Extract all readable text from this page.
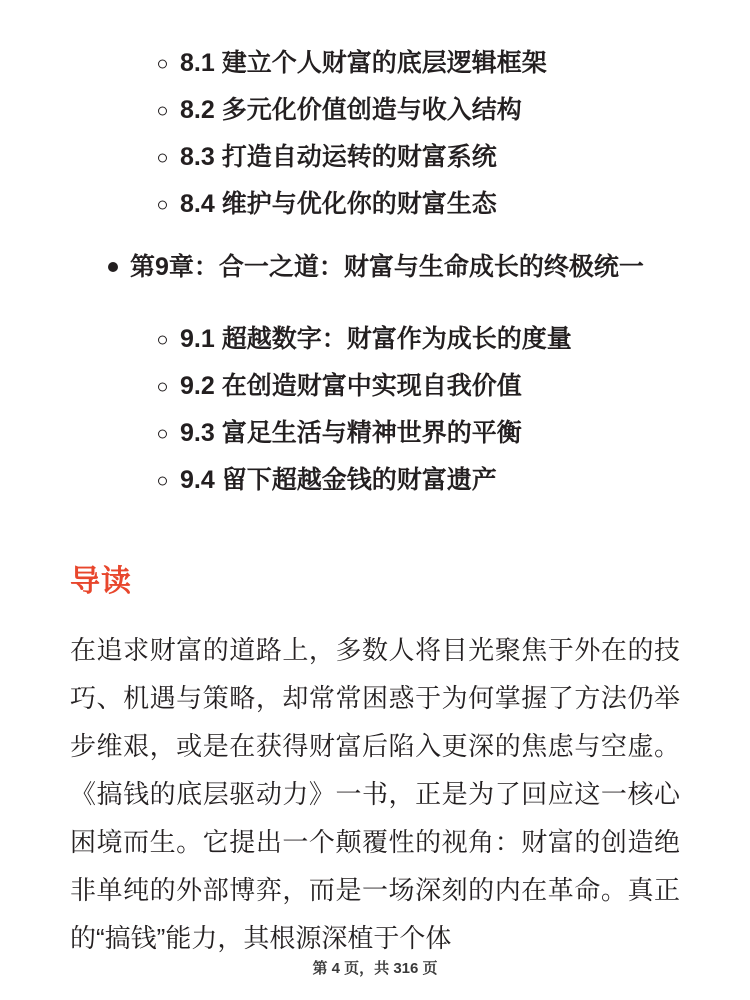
8.1 建立个人财富的底层逻辑框架
8.2 多元化价值创造与收入结构
8.3 打造自动运转的财富系统
8.4 维护与优化你的财富生态
第9章：合一之道：财富与生命成长的终极统一
9.1 超越数字：财富作为成长的度量
9.2 在创造财富中实现自我价值
9.3 富足生活与精神世界的平衡
9.4 留下超越金钱的财富遗产
导读

在追求财富的道路上，多数人将目光聚焦于外在的技巧、机遇与策略，却常常困惑于为何掌握了方法仍举步维艰，或是在获得财富后陷入更深的焦虑与空虚。《搞钱的底层驱动力》一书，正是为了回应这一核心困境而生。它提出一个颠覆性的视角：财富的创造绝非单纯的外部博弈，而是一场深刻的内在革命。真正的“搞钱”能力，其根源深植于个体

第 4 页，共 316 页
